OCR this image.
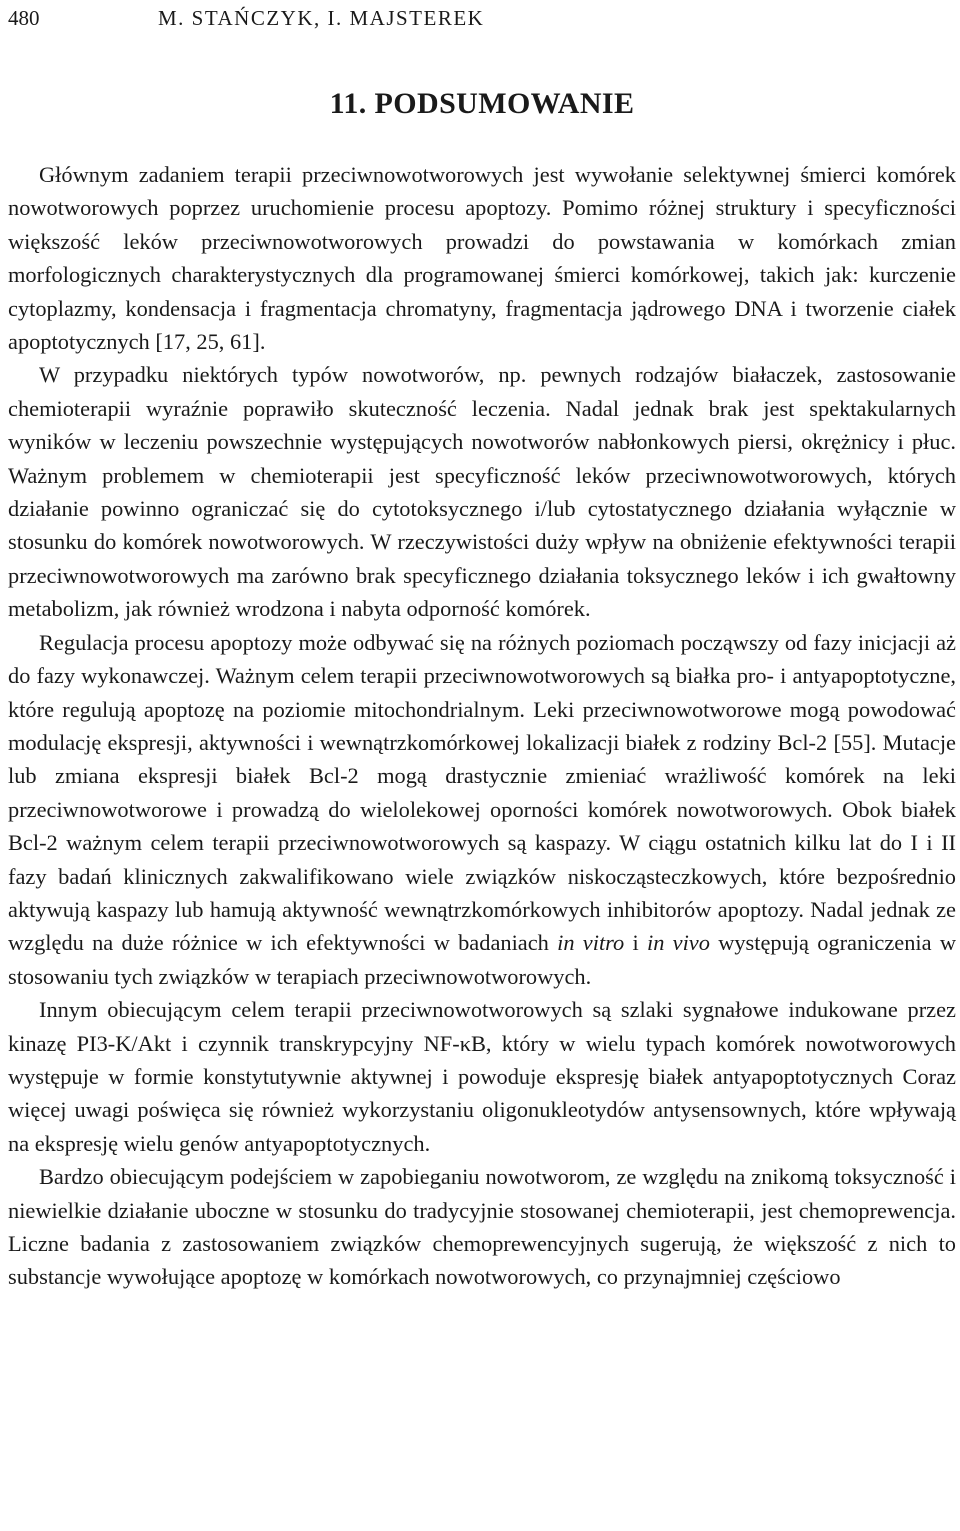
480	M. STAŃCZYK, I. MAJSTEREK
11. PODSUMOWANIE

Głównym zadaniem terapii przeciwnowotworowych jest wywołanie selektywnej śmierci komórek nowotworowych poprzez uruchomienie procesu apoptozy. Pomimo różnej struktury i specyficzności większość leków przeciwnowotworowych prowadzi do powstawania w komórkach zmian morfologicznych charakterystycznych dla programowanej śmierci komórkowej, takich jak: kurczenie cytoplazmy, kondensacja i fragmentacja chromatyny, fragmentacja jądrowego DNA i tworzenie ciałek apoptotycznych [17, 25, 61].

W przypadku niektórych typów nowotworów, np. pewnych rodzajów białaczek, zastosowanie chemioterapii wyraźnie poprawiło skuteczność leczenia. Nadal jednak brak jest spektakularnych wyników w leczeniu powszechnie występujących nowotworów nabłonkowych piersi, okrężnicy i płuc. Ważnym problemem w chemioterapii jest specyficzność leków przeciwnowotworowych, których działanie powinno ograniczać się do cytotoksycznego i/lub cytostatycznego działania wyłącznie w stosunku do komórek nowotworowych. W rzeczywistości duży wpływ na obniżenie efektywności terapii przeciwnowotworowych ma zarówno brak specyficznego działania toksycznego leków i ich gwałtowny metabolizm, jak również wrodzona i nabyta odporność komórek.

Regulacja procesu apoptozy może odbywać się na różnych poziomach począwszy od fazy inicjacji aż do fazy wykonawczej. Ważnym celem terapii przeciwnowotworowych są białka pro- i antyapoptotyczne, które regulują apoptozę na poziomie mitochondrialnym. Leki przeciwnowotworowe mogą powodować modulację ekspresji, aktywności i wewnątrzkomórkowej lokalizacji białek z rodziny Bcl-2 [55]. Mutacje lub zmiana ekspresji białek Bcl-2 mogą drastycznie zmieniać wrażliwość komórek na leki przeciwnowotworowe i prowadzą do wielolekowej oporności komórek nowotworowych. Obok białek Bcl-2 ważnym celem terapii przeciwnowotworowych są kaspazy. W ciągu ostatnich kilku lat do I i II fazy badań klinicznych zakwalifikowano wiele związków niskocząsteczkowych, które bezpośrednio aktywują kaspazy lub hamują aktywność wewnątrzkomórkowych inhibitorów apoptozy. Nadal jednak ze względu na duże różnice w ich efektywności w badaniach in vitro i in vivo występują ograniczenia w stosowaniu tych związków w terapiach przeciwnowotworowych.

Innym obiecującym celem terapii przeciwnowotworowych są szlaki sygnałowe indukowane przez kinazę PI3-K/Akt i czynnik transkrypcyjny NF-κB, który w wielu typach komórek nowotworowych występuje w formie konstytutywnie aktywnej i powoduje ekspresję białek antyapoptotycznych Coraz więcej uwagi poświęca się również wykorzystaniu oligonukleotydów antysensownych, które wpływają na ekspresję wielu genów antyapoptotycznych.

Bardzo obiecującym podejściem w zapobieganiu nowotworom, ze względu na znikomą toksyczność i niewielkie działanie uboczne w stosunku do tradycyjnie stosowanej chemioterapii, jest chemoprewencja. Liczne badania z zastosowaniem związków chemoprewencyjnych sugerują, że większość z nich to substancje wywołujące apoptozę w komórkach nowotworowych, co przynajmniej częściowo
